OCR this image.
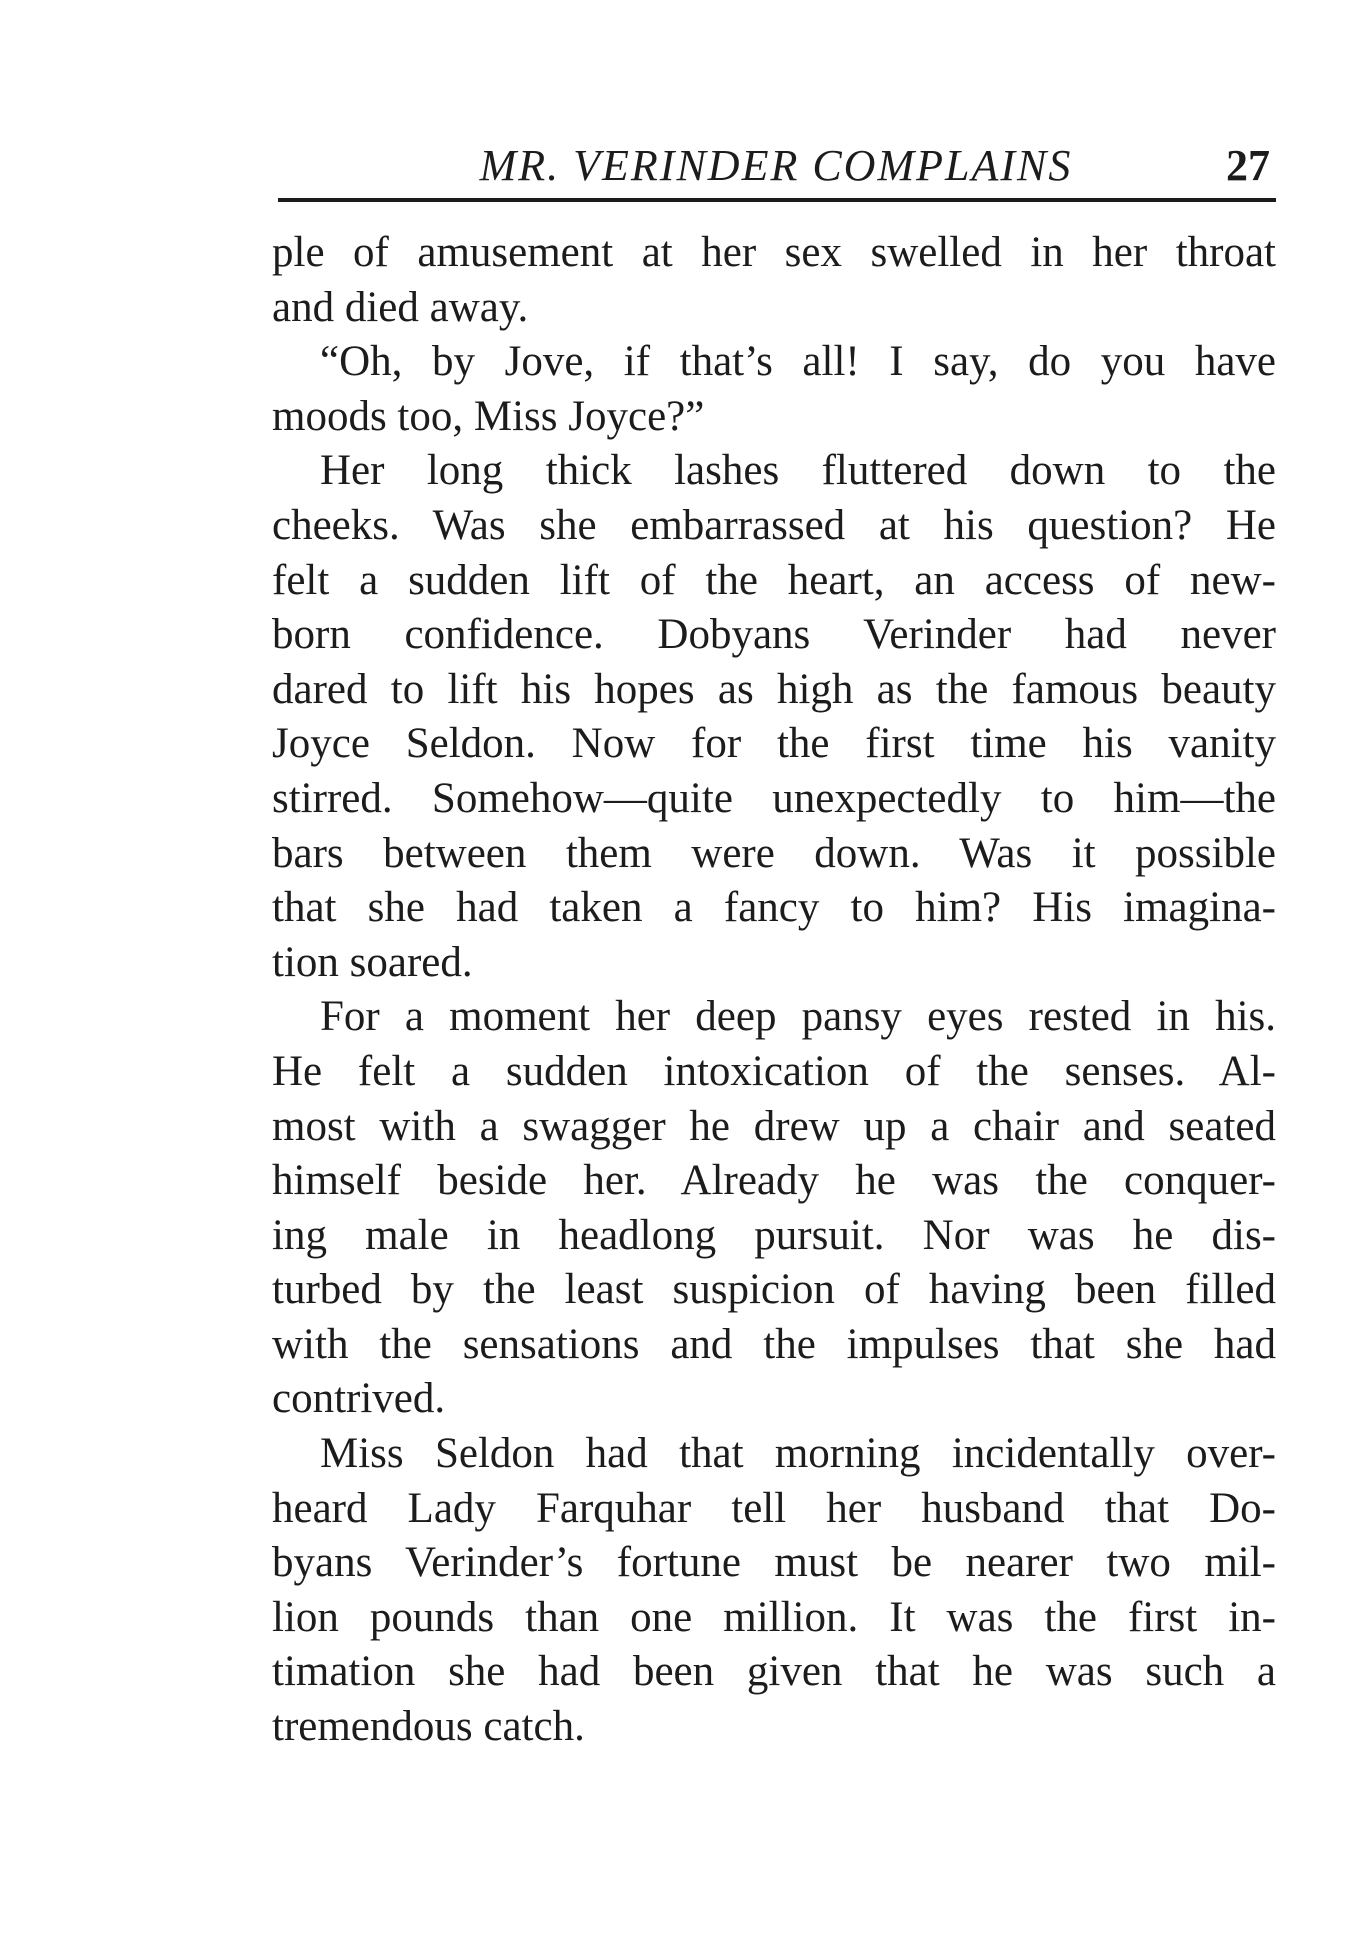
MR. VERINDER COMPLAINS	27
ple of amusement at her sex swelled in her throat
and died away.
“Oh, by Jove, if that’s all! I say, do you have
moods too, Miss Joyce?”
Her long thick lashes fluttered down to the
cheeks. Was she embarrassed at his question? He
felt a sudden lift of the heart, an access of new-
born confidence. Dobyans Verinder had never
dared to lift his hopes as high as the famous beauty
Joyce Seldon. Now for the first time his vanity
stirred. Somehow—quite unexpectedly to him—the
bars between them were down. Was it possible
that she had taken a fancy to him? His imagina-
tion soared.
For a moment her deep pansy eyes rested in his.
He felt a sudden intoxication of the senses. Al-
most with a swagger he drew up a chair and seated
himself beside her. Already he was the conquer-
ing male in headlong pursuit. Nor was he dis-
turbed by the least suspicion of having been filled
with the sensations and the impulses that she had
contrived.
Miss Seldon had that morning incidentally over-
heard Lady Farquhar tell her husband that Do-
byans Verinder’s fortune must be nearer two mil-
lion pounds than one million. It was the first in-
timation she had been given that he was such a
tremendous catch.
